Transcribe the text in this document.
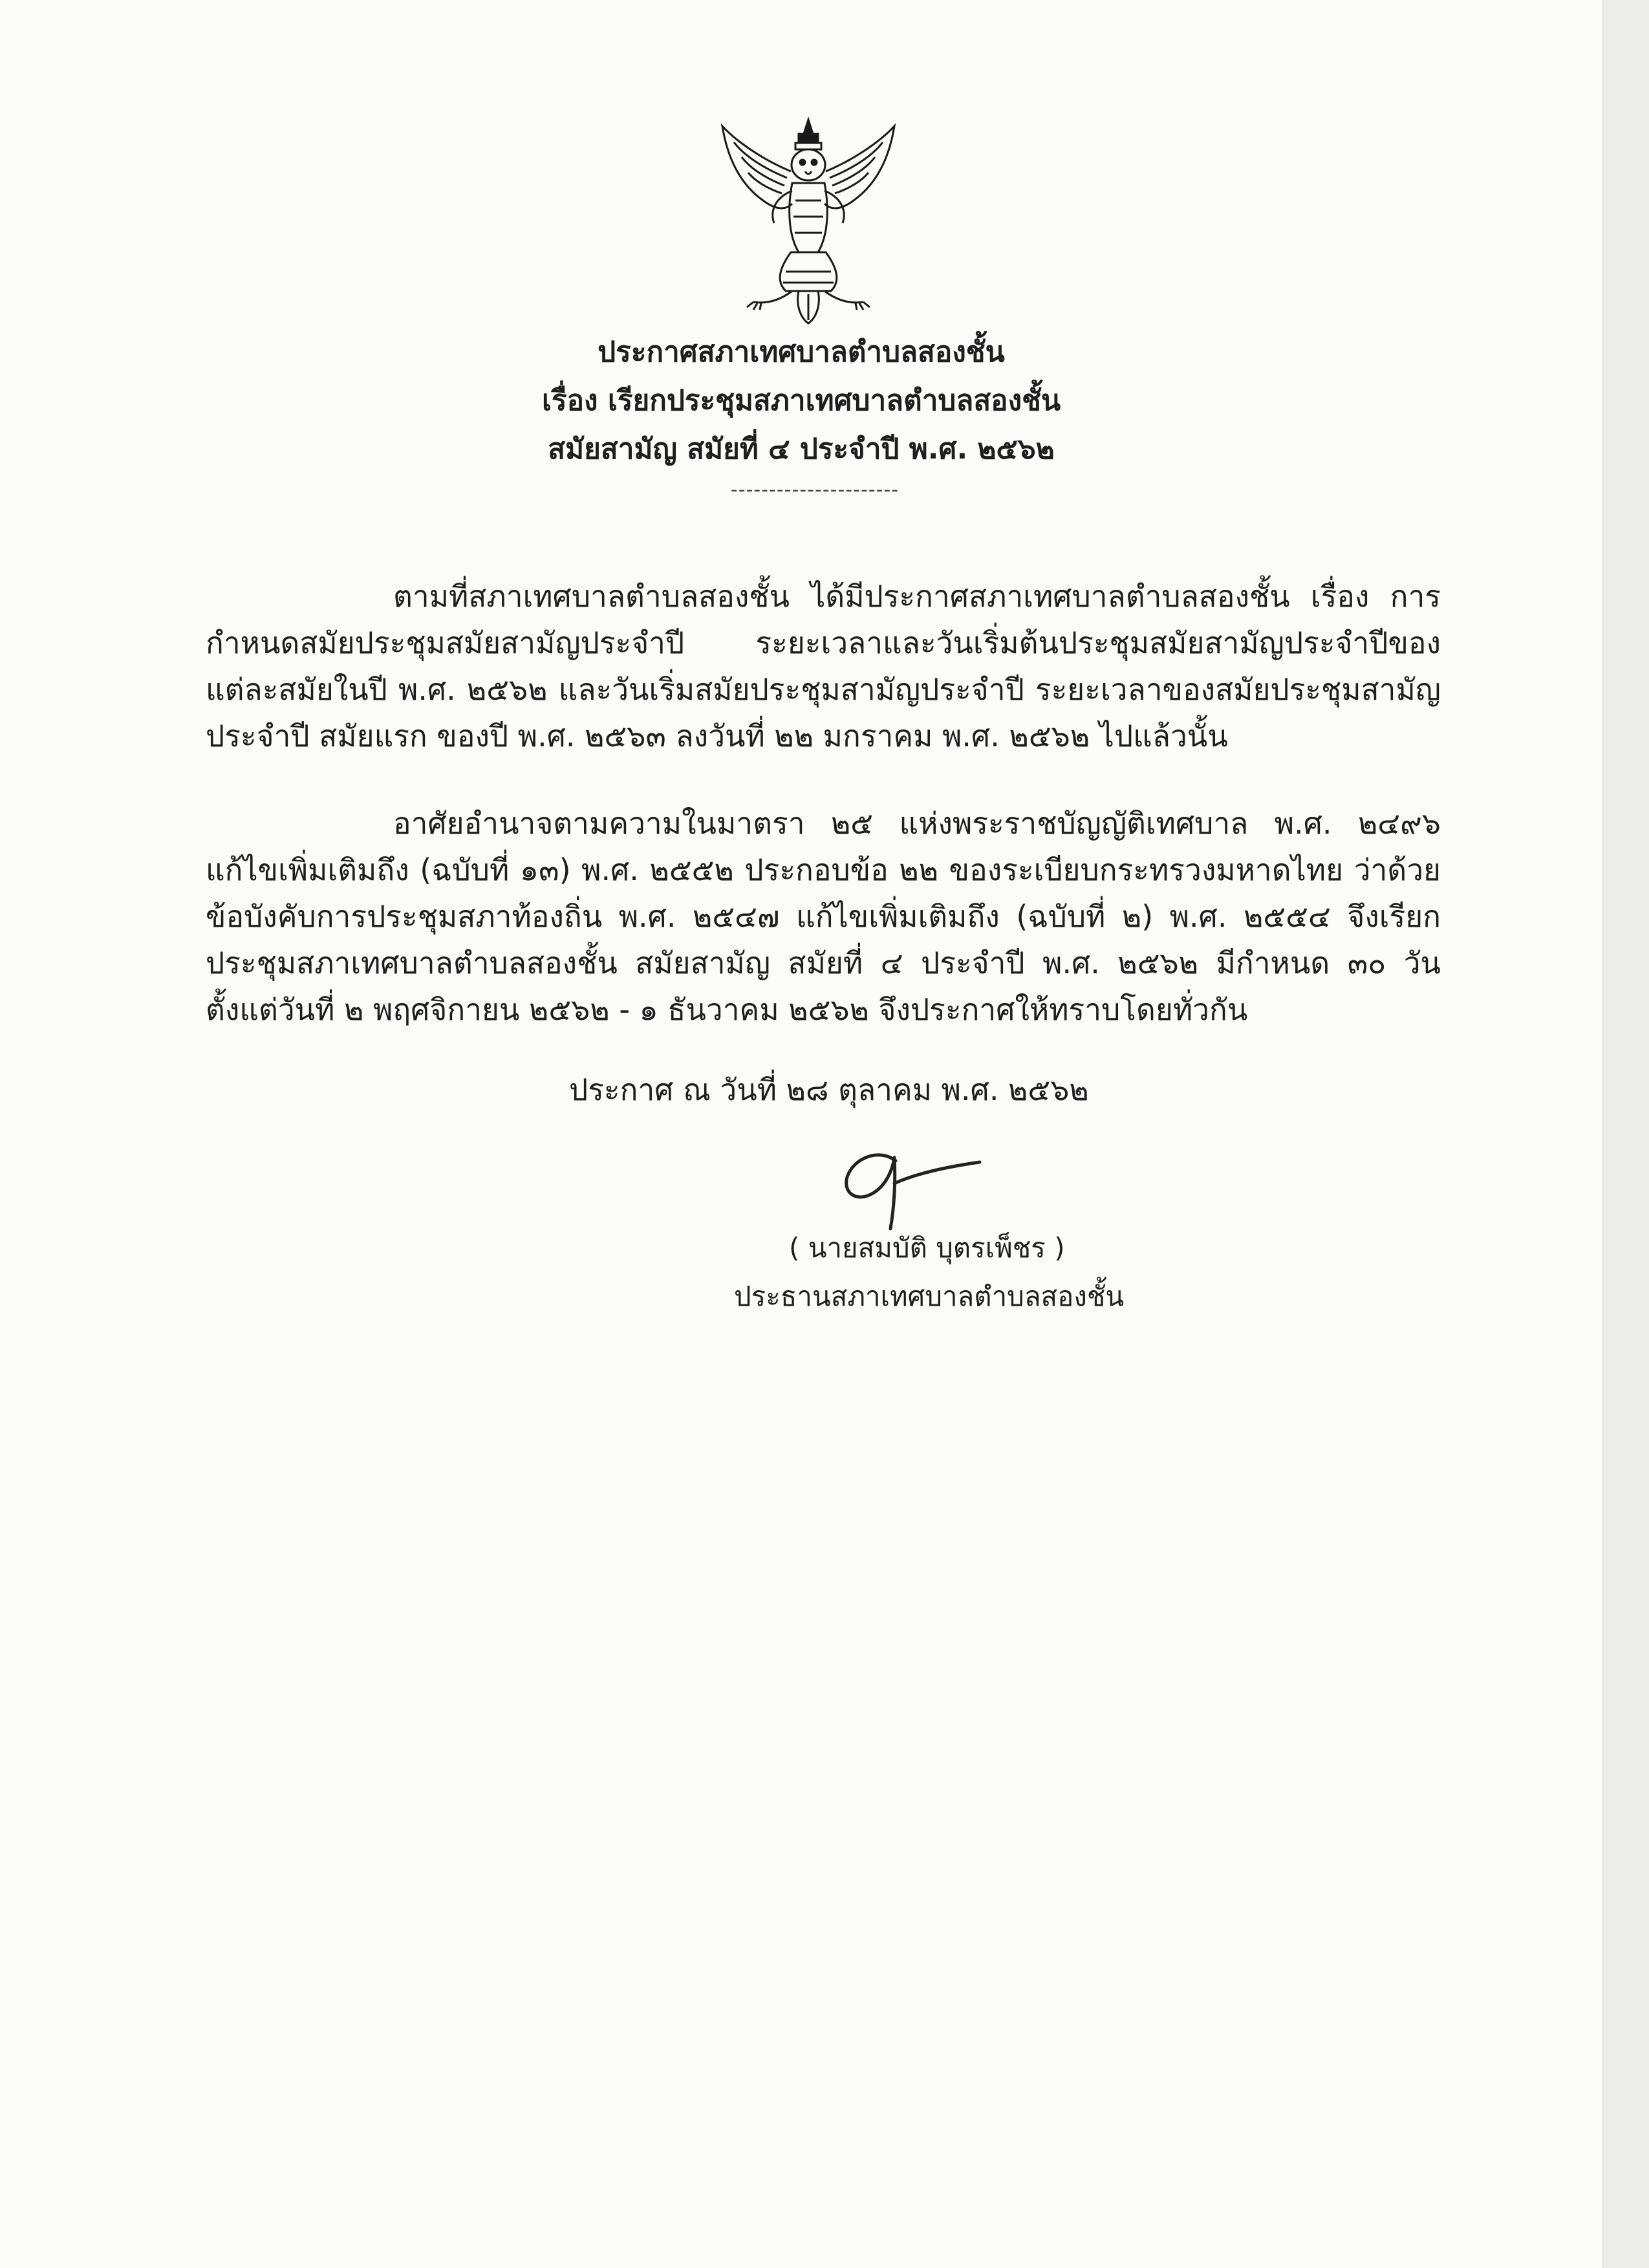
ประกาศสภาเทศบาลตำบลสองชั้น
เรื่อง เรียกประชุมสภาเทศบาลตำบลสองชั้น
สมัยสามัญ สมัยที่ ๔ ประจำปี พ.ศ. ๒๕๖๒
----------------------

ตามที่สภาเทศบาลตำบลสองชั้น ได้มีประกาศสภาเทศบาลตำบลสองชั้น เรื่อง การกำหนดสมัยประชุมสมัยสามัญประจำปี ระยะเวลาและวันเริ่มต้นประชุมสมัยสามัญประจำปีของแต่ละสมัยในปี พ.ศ. ๒๕๖๒ และวันเริ่มสมัยประชุมสามัญประจำปี ระยะเวลาของสมัยประชุมสามัญประจำปี สมัยแรก ของปี พ.ศ. ๒๕๖๓ ลงวันที่ ๒๒ มกราคม พ.ศ. ๒๕๖๒ ไปแล้วนั้น

อาศัยอำนาจตามความในมาตรา ๒๕ แห่งพระราชบัญญัติเทศบาล พ.ศ. ๒๔๙๖ แก้ไขเพิ่มเติมถึง (ฉบับที่ ๑๓) พ.ศ. ๒๕๕๒ ประกอบข้อ ๒๒ ของระเบียบกระทรวงมหาดไทย ว่าด้วยข้อบังคับการประชุมสภาท้องถิ่น พ.ศ. ๒๕๔๗ แก้ไขเพิ่มเติมถึง (ฉบับที่ ๒) พ.ศ. ๒๕๕๔ จึงเรียกประชุมสภาเทศบาลตำบลสองชั้น สมัยสามัญ สมัยที่ ๔ ประจำปี พ.ศ. ๒๕๖๒ มีกำหนด ๓๐ วัน ตั้งแต่วันที่ ๒ พฤศจิกายน ๒๕๖๒ - ๑ ธันวาคม ๒๕๖๒ จึงประกาศให้ทราบโดยทั่วกัน

ประกาศ ณ วันที่ ๒๘ ตุลาคม พ.ศ. ๒๕๖๒
( นายสมบัติ บุตรเพ็ชร )
ประธานสภาเทศบาลตำบลสองชั้น
